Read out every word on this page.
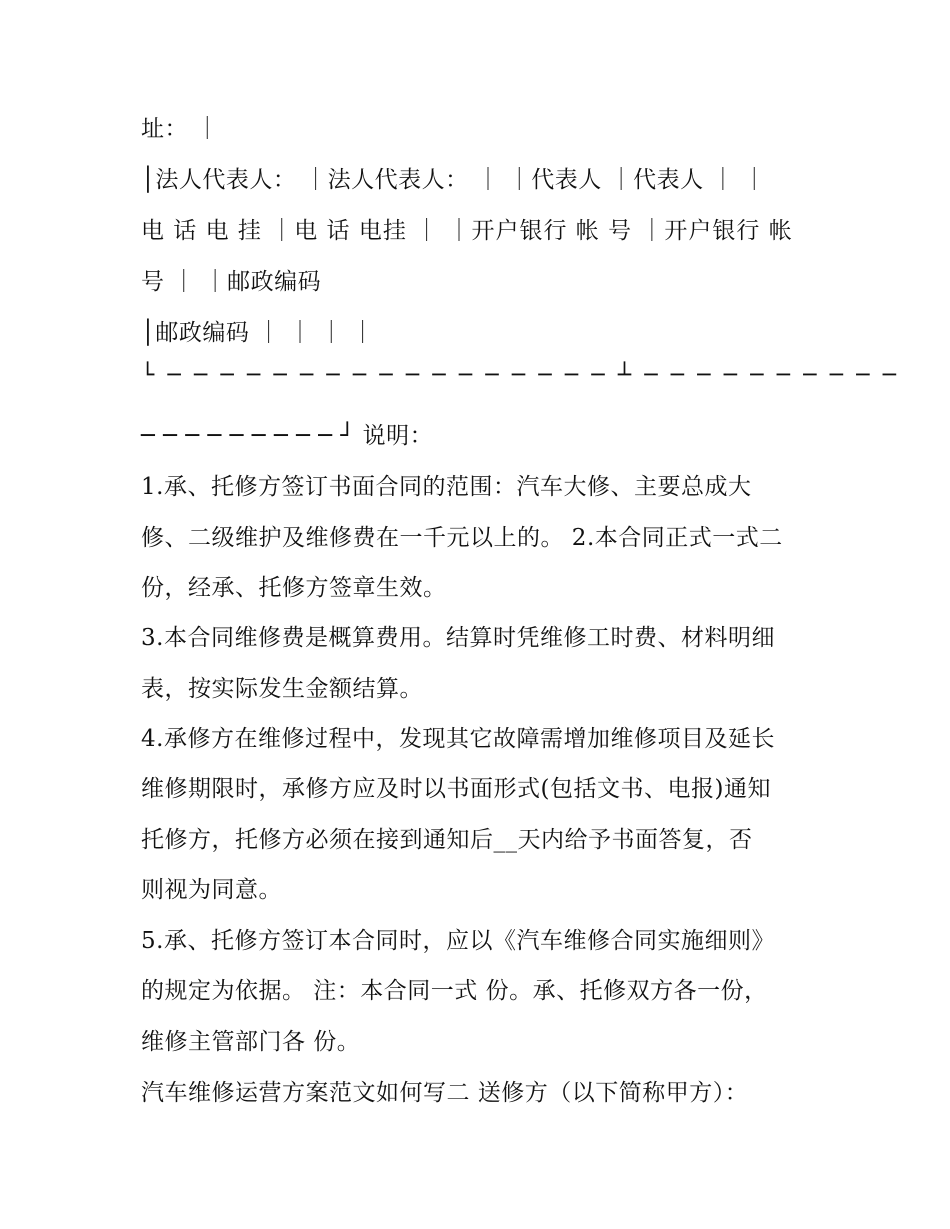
址： ｜
│法人代表人： ｜法人代表人： ｜ ｜代表人 ｜代表人 ｜ ｜
电 话 电 挂 ｜电 话 电挂 ｜ ｜开户银行 帐 号 ｜开户银行 帐
号 ｜ ｜邮政编码
│邮政编码 ｜ ｜ ｜ ｜
└ ─ ─ ─ ─ ─ ─ ─ ─ ─ ─ ─ ─ ─ ─ ─ ─ ─ ┴ ─ ─ ─ ─ ─ ─ ─ ─ ─ ─
─ ─ ─ ─ ─ ─ ─ ─ ─ ┘ 说明：
1.承、托修方签订书面合同的范围：汽车大修、主要总成大
修、二级维护及维修费在一千元以上的。 2.本合同正式一式二
份，经承、托修方签章生效。
3.本合同维修费是概算费用。结算时凭维修工时费、材料明细
表，按实际发生金额结算。
4.承修方在维修过程中，发现其它故障需增加维修项目及延长
维修期限时，承修方应及时以书面形式(包括文书、电报)通知
托修方，托修方必须在接到通知后__天内给予书面答复，否
则视为同意。
5.承、托修方签订本合同时，应以《汽车维修合同实施细则》
的规定为依据。 注：本合同一式 份。承、托修双方各一份，
维修主管部门各 份。
汽车维修运营方案范文如何写二 送修方（以下简称甲方）：
